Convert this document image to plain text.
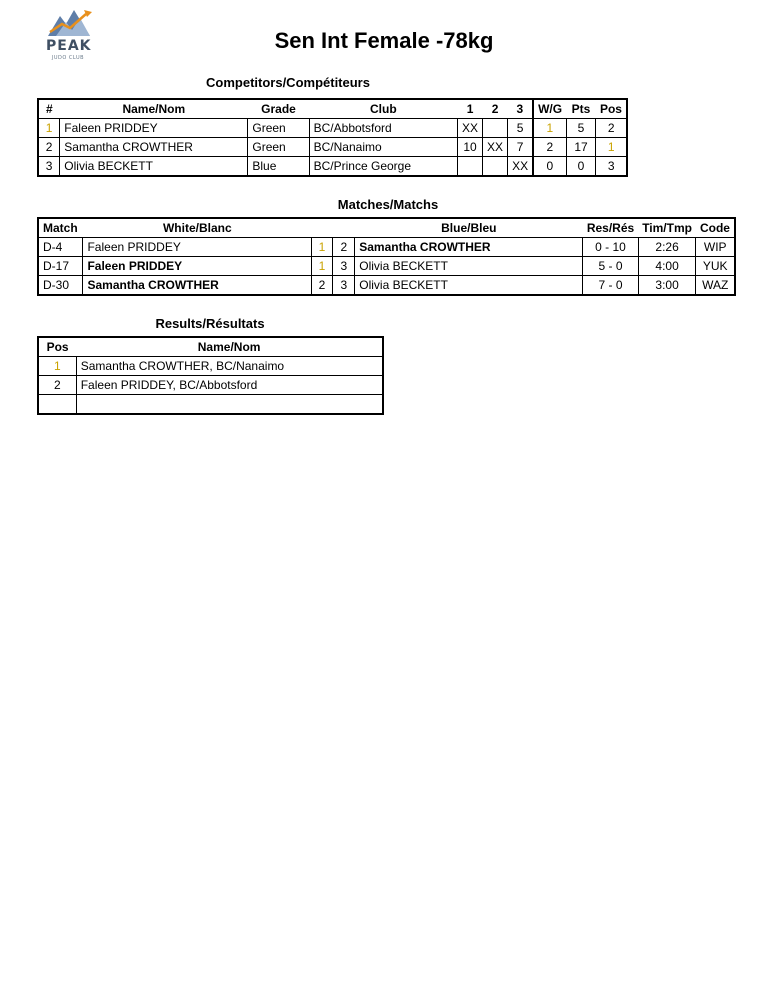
PEAK
JUDO CLUB
Sen Int Female -78kg
Competitors/Compétiteurs
#	Name/Nom	Grade	Club	1	2	3	W/G	Pts	Pos
1	Faleen PRIDDEY	Green	BC/Abbotsford	XX		5	1	5	2
2	Samantha CROWTHER	Green	BC/Nanaimo	10	XX	7	2	17	1
3	Olivia BECKETT	Blue	BC/Prince George			XX	0	0	3
Matches/Matchs
Match	White/Blanc			Blue/Bleu	Res/Rés	Tim/Tmp	Code
D-4	Faleen PRIDDEY	1	2	Samantha CROWTHER	0 - 10	2:26	WIP
D-17	Faleen PRIDDEY	1	3	Olivia BECKETT	5 - 0	4:00	YUK
D-30	Samantha CROWTHER	2	3	Olivia BECKETT	7 - 0	3:00	WAZ
Results/Résultats
Pos	Name/Nom
1	Samantha CROWTHER, BC/Nanaimo
2	Faleen PRIDDEY, BC/Abbotsford
